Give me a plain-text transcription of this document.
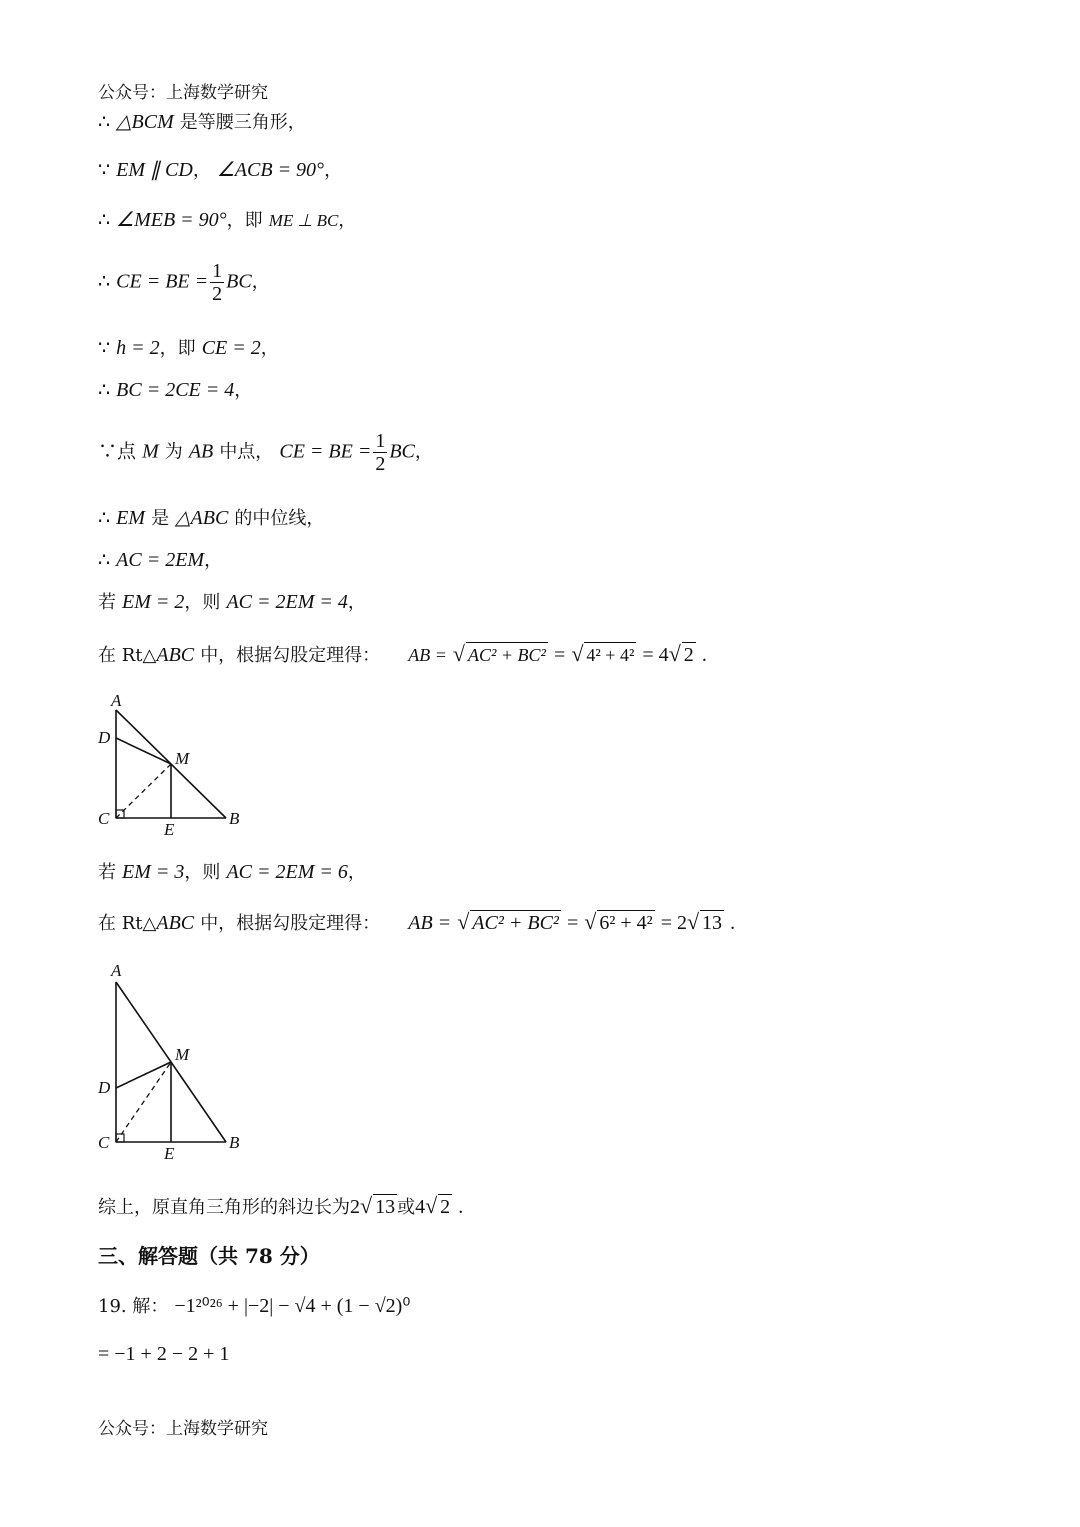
公众号：上海数学研究
∴ △BCM 是等腰三角形，
∵ EM ∥ CD， ∠ACB = 90°，
∴ ∠MEB = 90°，即 ME ⊥ BC，
∴ CE = BE = $\frac{1}{2}$ BC，
∵ h = 2，即 CE = 2，
∴ BC = 2CE = 4，
∵点 M 为 AB 中点， CE = BE = $\frac{1}{2}$ BC，
∴ EM 是 △ABC 的中位线，
∴ AC = 2EM，
若 EM = 2，则 AC = 2EM = 4，
在 Rt△ABC 中，根据勾股定理得： AB = √ AC² + BC² = √ 4² + 4² = 4√ 2 .
A
D
M
C
E
B
若 EM = 3，则 AC = 2EM = 6，
在 Rt△ABC 中，根据勾股定理得： AB = √ AC² + BC² = √ 6² + 4² = 2√ 13 .
A
D
M
C
E
B
综上，原直角三角形的斜边长为2√ 13 或4√ 2 .
三、解答题（共 78 分）
19. 解： −1²⁰²⁶ + |−2| − √4 + (1 − √2)⁰
= −1 + 2 − 2 + 1
公众号：上海数学研究
